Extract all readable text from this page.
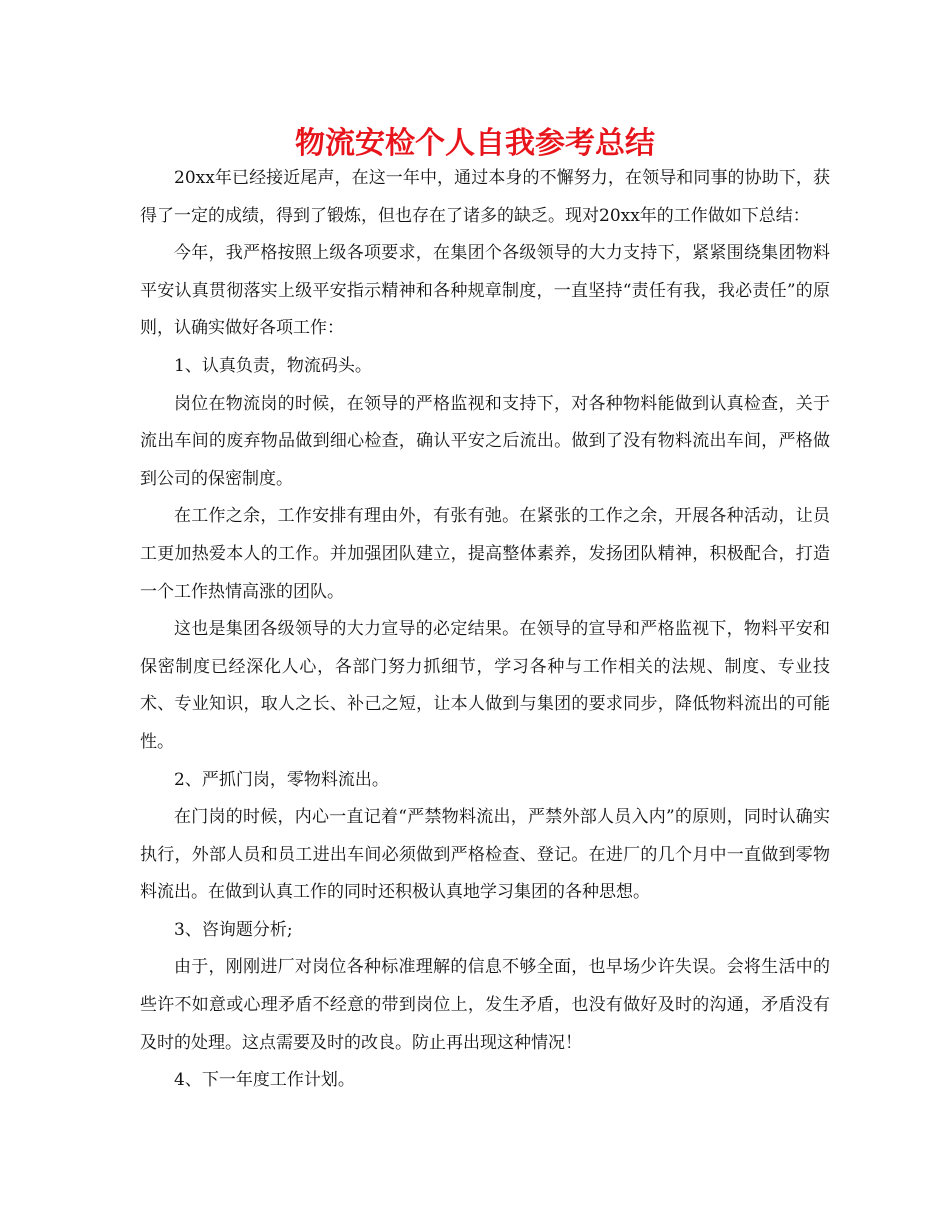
物流安检个人自我参考总结

20xx年已经接近尾声，在这一年中，通过本身的不懈努力，在领导和同事的协助下，获得了一定的成绩，得到了锻炼，但也存在了诸多的缺乏。现对20xx年的工作做如下总结：

今年，我严格按照上级各项要求，在集团个各级领导的大力支持下，紧紧围绕集团物料平安认真贯彻落实上级平安指示精神和各种规章制度，一直坚持“责任有我，我必责任”的原则，认确实做好各项工作：

1、认真负责，物流码头。

岗位在物流岗的时候，在领导的严格监视和支持下，对各种物料能做到认真检查，关于流出车间的废弃物品做到细心检查，确认平安之后流出。做到了没有物料流出车间，严格做到公司的保密制度。

在工作之余，工作安排有理由外，有张有弛。在紧张的工作之余，开展各种活动，让员工更加热爱本人的工作。并加强团队建立，提高整体素养，发扬团队精神，积极配合，打造一个工作热情高涨的团队。

这也是集团各级领导的大力宣导的必定结果。在领导的宣导和严格监视下，物料平安和保密制度已经深化人心，各部门努力抓细节，学习各种与工作相关的法规、制度、专业技术、专业知识，取人之长、补己之短，让本人做到与集团的要求同步，降低物料流出的可能性。

2、严抓门岗，零物料流出。

在门岗的时候，内心一直记着“严禁物料流出，严禁外部人员入内”的原则，同时认确实执行，外部人员和员工进出车间必须做到严格检查、登记。在进厂的几个月中一直做到零物料流出。在做到认真工作的同时还积极认真地学习集团的各种思想。

3、咨询题分析;

由于，刚刚进厂对岗位各种标准理解的信息不够全面，也早场少许失误。会将生活中的些许不如意或心理矛盾不经意的带到岗位上，发生矛盾，也没有做好及时的沟通，矛盾没有及时的处理。这点需要及时的改良。防止再出现这种情况！

4、下一年度工作计划。
